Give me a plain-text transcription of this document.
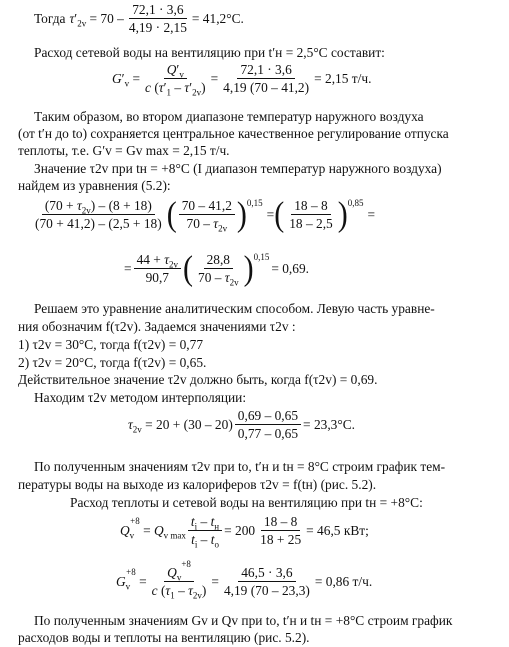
Тогда $\tau'_{2v} = 70 - \frac{72,1 \cdot 3,6}{4,19 \cdot 2,15} = 41,2^\circ С$.
Расход сетевой воды на вентиляцию при t′н = 2,5°С составит:
$G'_v = \frac{Q'_v}{c (\tau'_1 - \tau'_{2v})} = \frac{72,1 \cdot 3,6}{4,19 (70 - 41,2)} = 2,15$ т/ч.
Таким образом, во втором диапазоне температур наружного воздуха
(от t′н до tо) сохраняется центральное качественное регулирование отпуска
теплоты, т.е. G′v = Gv max = 2,15 т/ч.
Значение τ2v при tн = +8°С (I диапазон температур наружного воздуха)
найдем из уравнения (5.2):
$\frac{(70 + \tau_{2v}) - (8 + 18)}{(70 + 41,2) - (2,5 + 18)}$ ( $\frac{70 - 41,2}{70 - \tau_{2v}} )^{0,15}$
= ( $\frac{18 - 8}{18 - 2,5} )^{0,85}$
=
= $\frac{44 + \tau_{2v}}{90,7}$ ( $\frac{28,8}{70 - \tau_{2v}} )^{0,15}$
= 0,69.
Решаем это уравнение аналитическим способом. Левую часть уравне-
ния обозначим f(τ2v). Задаемся значениями τ2v :
1) τ2v = 30°С, тогда f(τ2v) = 0,77
2) τ2v = 20°С, тогда f(τ2v) = 0,65.
Действительное значение τ2v должно быть, когда f(τ2v) = 0,69.
Находим τ2v методом интерполяции:
$\tau_{2v} = 20 + (30 - 20) \frac{0,69 - 0,65}{0,77 - 0,65} = 23,3^\circ С$.
По полученным значениям τ2v при tо, t′н и tн = 8°С строим график тем-
пературы воды на выходе из калориферов τ2v = f(tн) (рис. 5.2).
Расход теплоты и сетевой воды на вентиляцию при tн = +8°С:
$Q_v^{+8} = Q_{v max} \frac{t_i - t_н}{t_i - t_o} = 200 \frac{18 - 8}{18 + 25} = 46,5$ кВт;
$G_v^{+8} = \frac{Q_v^{+8}}{c (\tau_1 - \tau_{2v})} = \frac{46,5 \cdot 3,6}{4,19 (70 - 23,3)} = 0,86$ т/ч.
По полученным значениям Gv и Qv при tо, t′н и tн = +8°С строим график
расходов воды и теплоты на вентиляцию (рис. 5.2).
